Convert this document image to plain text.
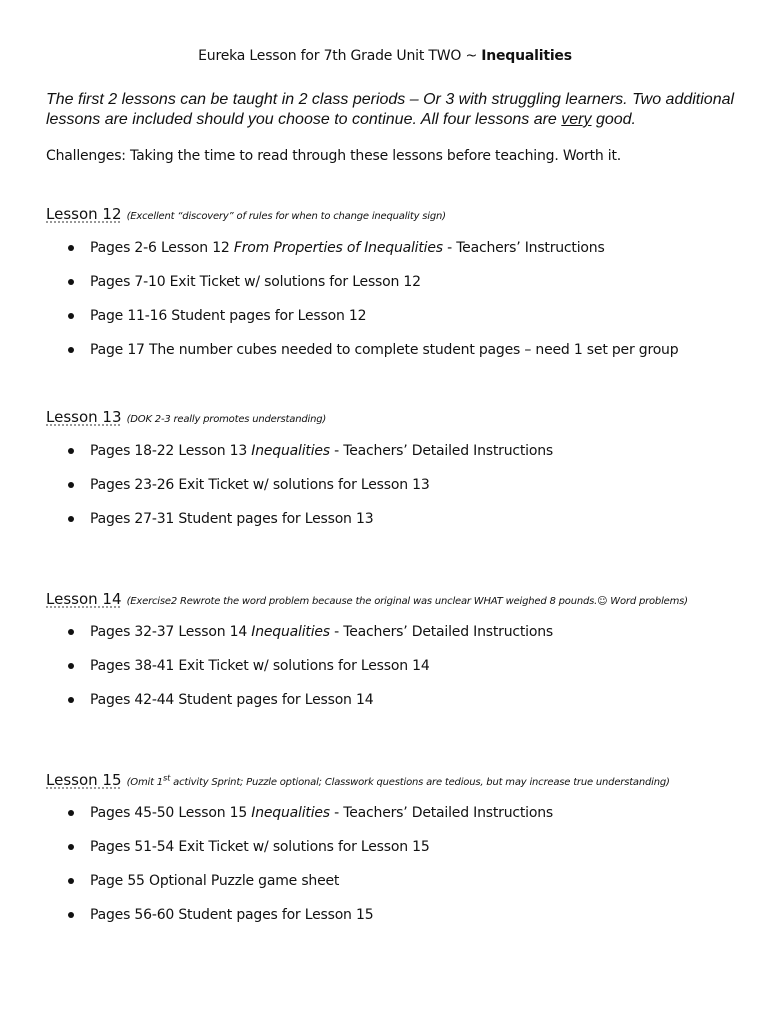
Eureka Lesson for 7th Grade Unit TWO ~ Inequalities
The first 2 lessons can be taught in 2 class periods – Or 3 with struggling learners. Two additional lessons are included should you choose to continue. All four lessons are very good.
Challenges: Taking the time to read through these lessons before teaching. Worth it.
Lesson 12 (Excellent “discovery” of rules for when to change inequality sign)
Pages 2-6 Lesson 12 From Properties of Inequalities - Teachers’ Instructions
Pages 7-10 Exit Ticket w/ solutions for Lesson 12
Page 11-16 Student pages for Lesson 12
Page 17 The number cubes needed to complete student pages – need 1 set per group
Lesson 13 (DOK 2-3 really promotes understanding)
Pages 18-22 Lesson 13 Inequalities - Teachers’ Detailed Instructions
Pages 23-26 Exit Ticket w/ solutions for Lesson 13
Pages 27-31 Student pages for Lesson 13
Lesson 14 (Exercise2 Rewrote the word problem because the original was unclear WHAT weighed 8 pounds.☺ Word problems)
Pages 32-37 Lesson 14 Inequalities - Teachers’ Detailed Instructions
Pages 38-41 Exit Ticket w/ solutions for Lesson 14
Pages 42-44 Student pages for Lesson 14
Lesson 15 (Omit 1st activity Sprint; Puzzle optional; Classwork questions are tedious, but may increase true understanding)
Pages 45-50 Lesson 15 Inequalities - Teachers’ Detailed Instructions
Pages 51-54 Exit Ticket w/ solutions for Lesson 15
Page 55 Optional Puzzle game sheet
Pages 56-60 Student pages for Lesson 15
